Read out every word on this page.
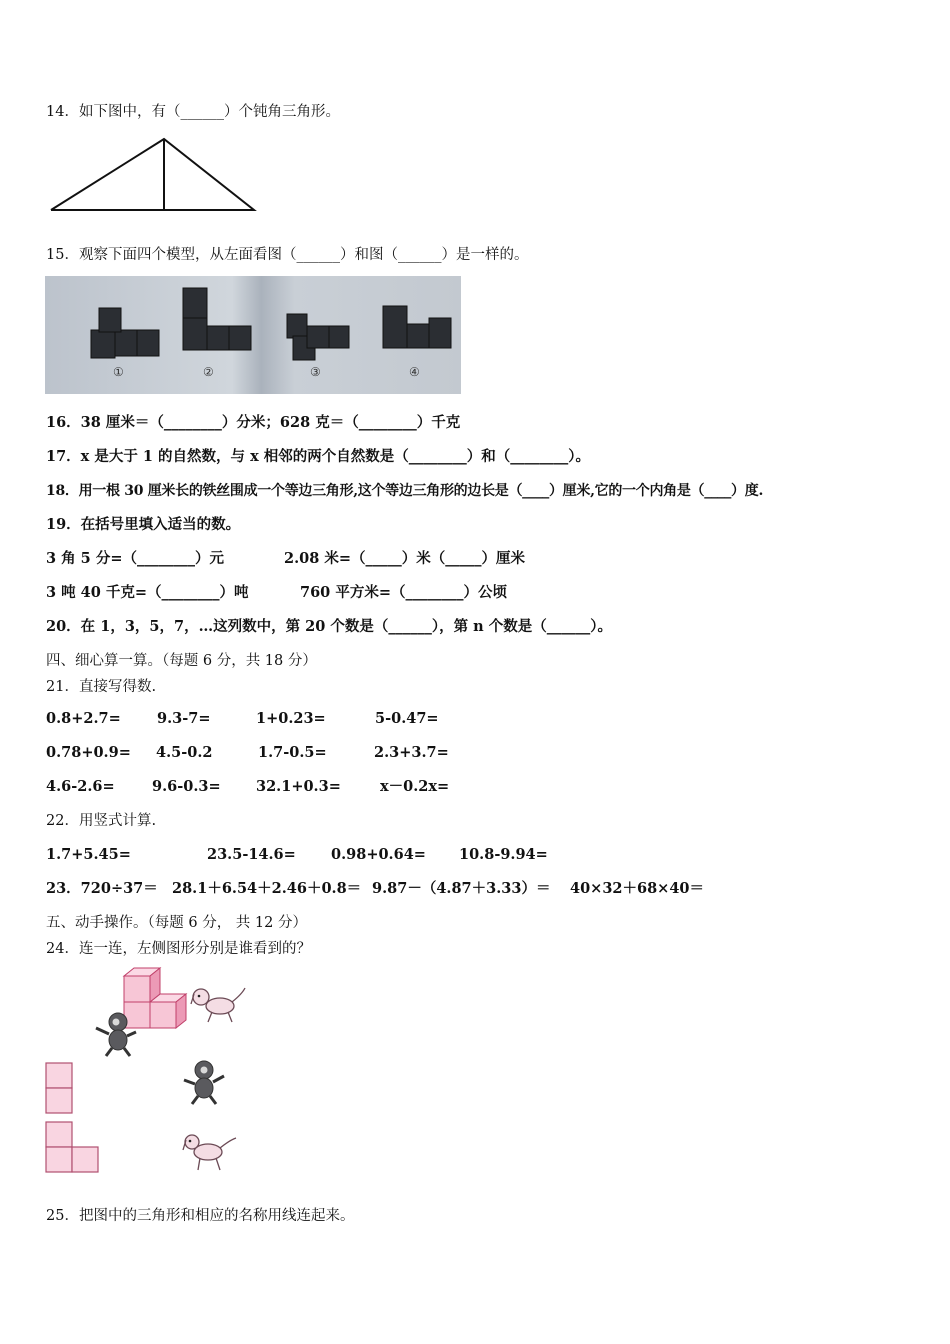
14．如下图中，有（______）个钝角三角形。
15．观察下面四个模型，从左面看图（______）和图（______）是一样的。
①	②	③	④
16．38 厘米＝（________）分米；628 克＝（________）千克
17．x 是大于 1 的自然数，与 x 相邻的两个自然数是（________）和（________）。
18．用一根 30 厘米长的铁丝围成一个等边三角形,这个等边三角形的边长是（____）厘米,它的一个内角是（____）度.
19．在括号里填入适当的数。
3 角 5 分=（________）元	2.08 米=（_____）米（_____）厘米
3 吨 40 千克=（________）吨	760 平方米=（________）公顷
20．在 1，3，5，7，…这列数中，第 20 个数是（______），第 n 个数是（______）。
四、细心算一算。（每题 6 分，共 18 分）
21．直接写得数.
0.8+2.7= 9.3-7=	1+0.23=	5-0.47=
0.78+0.9= 4.5-0.2	1.7-0.5=	2.3+3.7=
4.6-2.6=	9.6-0.3= 32.1+0.3=	x－0.2x=
22．用竖式计算.
1.7+5.45=	23.5-14.6= 0.98+0.64= 10.8-9.94=
23．720÷37＝ 28.1＋6.54＋2.46＋0.8＝ 9.87－（4.87＋3.33）＝ 40×32＋68×40＝
五、动手操作。（每题 6 分， 共 12 分）
24．连一连，左侧图形分别是谁看到的？
25．把图中的三角形和相应的名称用线连起来。
